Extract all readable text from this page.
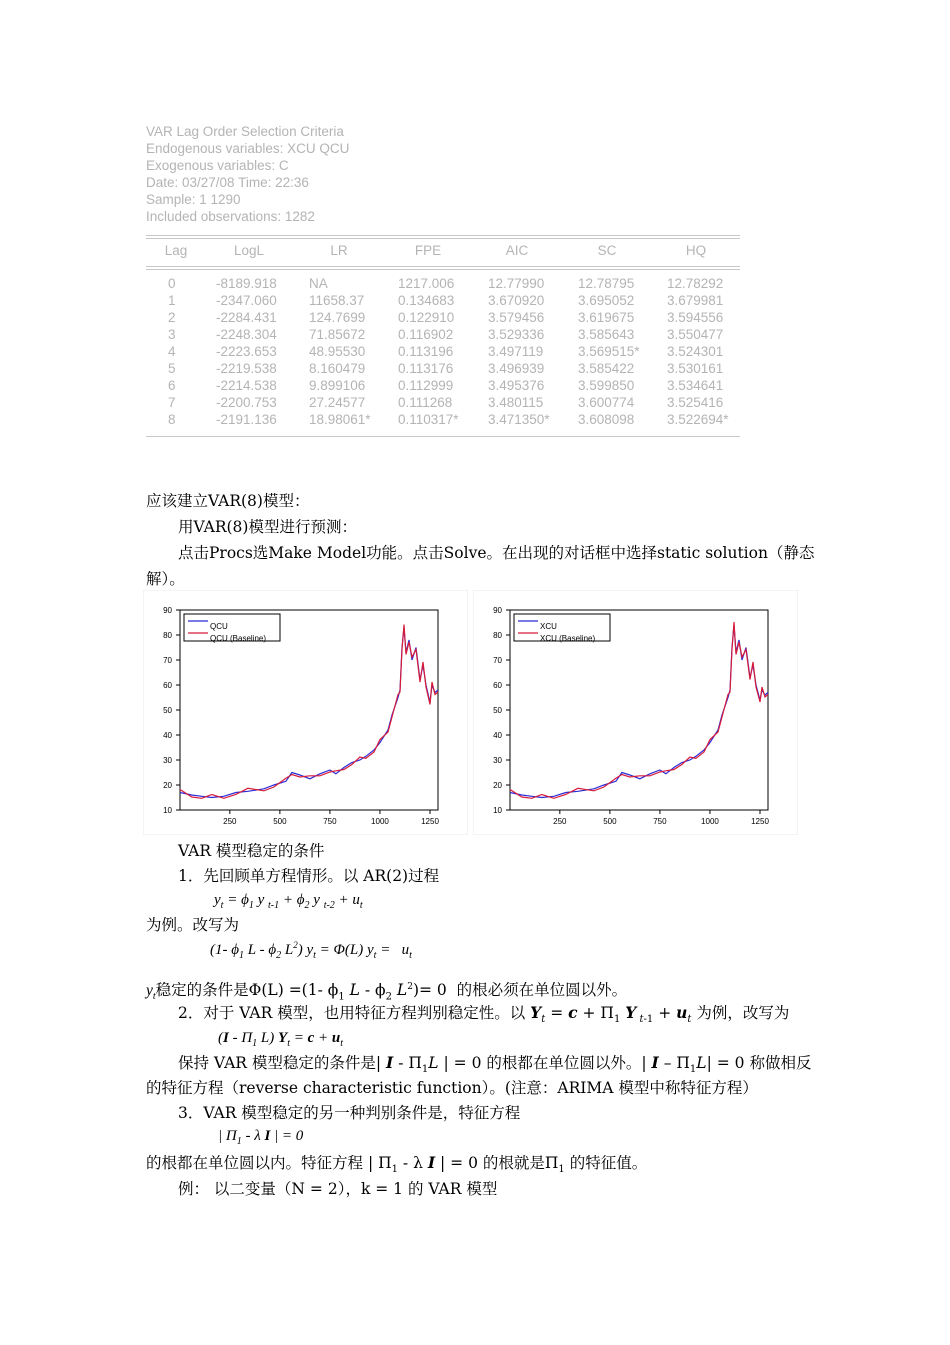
VAR Lag Order Selection Criteria
Endogenous variables: XCU QCU
Exogenous variables: C
Date: 03/27/08 Time: 22:36
Sample: 1 1290
Included observations: 1282
Lag	LogL	LR	FPE	AIC	SC	HQ
0	-8189.918 NA	1217.006 12.77990 12.78795 12.78292
1	-2347.060 11658.37 0.134683 3.670920 3.695052 3.679981
2	-2284.431 124.7699 0.122910 3.579456 3.619675 3.594556
3	-2248.304 71.85672 0.116902	3.529336 3.585643 3.550477
4	-2223.653 48.95530 0.113196	3.497119	3.569515* 3.524301
5	-2219.538 8.160479 0.113176	3.496939 3.585422 3.530161
6	-2214.538 9.899106 0.112999	3.495376 3.599850 3.534641
7	-2200.753 27.24577 0.111268	3.480115	3.600774 3.525416
8	-2191.136 18.98061* 0.110317* 3.471350* 3.608098 3.522694*
应该建立VAR(8)模型：
用VAR(8)模型进行预测：
点击Procs选Make Model功能。点击Solve。在出现的对话框中选择static solution（静态
解）。
10
20
30
40
50
60
70
80
90
250	500	750	1000	1250
QCU
QCU (Baseline)
10
20
30
40
50
60
70
80
90
250	500	750	1000	1250
XCU
XCU (Baseline)
VAR 模型稳定的条件
1．先回顾单方程情形。以 AR(2)过程
$y_t = \phi_1$ y $_{t-1} + \phi_2$ y $_{t-2} + u_t$
为例。改写为
(1- $\phi_1$ L - $\phi_2$ $L^2$) $y_t = \Phi(L) y_t = u_t$
$y_t$稳定的条件是Φ(L) =(1- $\phi_1$ L - $\phi_2$ $L^2)= 0$  的根必须在单位圆以外。
2．对于 VAR 模型，也用特征方程判别稳定性。以 $Y_t = c + \Pi_1$ Y $_{t-1} + u_t$ 为例，改写为
($I - \Pi_1$ L) $Y_t = c + u_t$
保持 VAR 模型稳定的条件是| I - $\Pi_1L$ | = 0 的根都在单位圆以外。| $I - \Pi_1L| = 0$ 称做相反
的特征方程（reverse characteristic function）。(注意：ARIMA 模型中称特征方程）
3．VAR 模型稳定的另一种判别条件是，特征方程
| $\Pi_1$ - λ I | = 0
的根都在单位圆以内。特征方程 | $\Pi_1$ - λ I | = 0 的根就是$\Pi_1$ 的特征值。
例： 以二变量（N = 2），k = 1 的 VAR 模型
